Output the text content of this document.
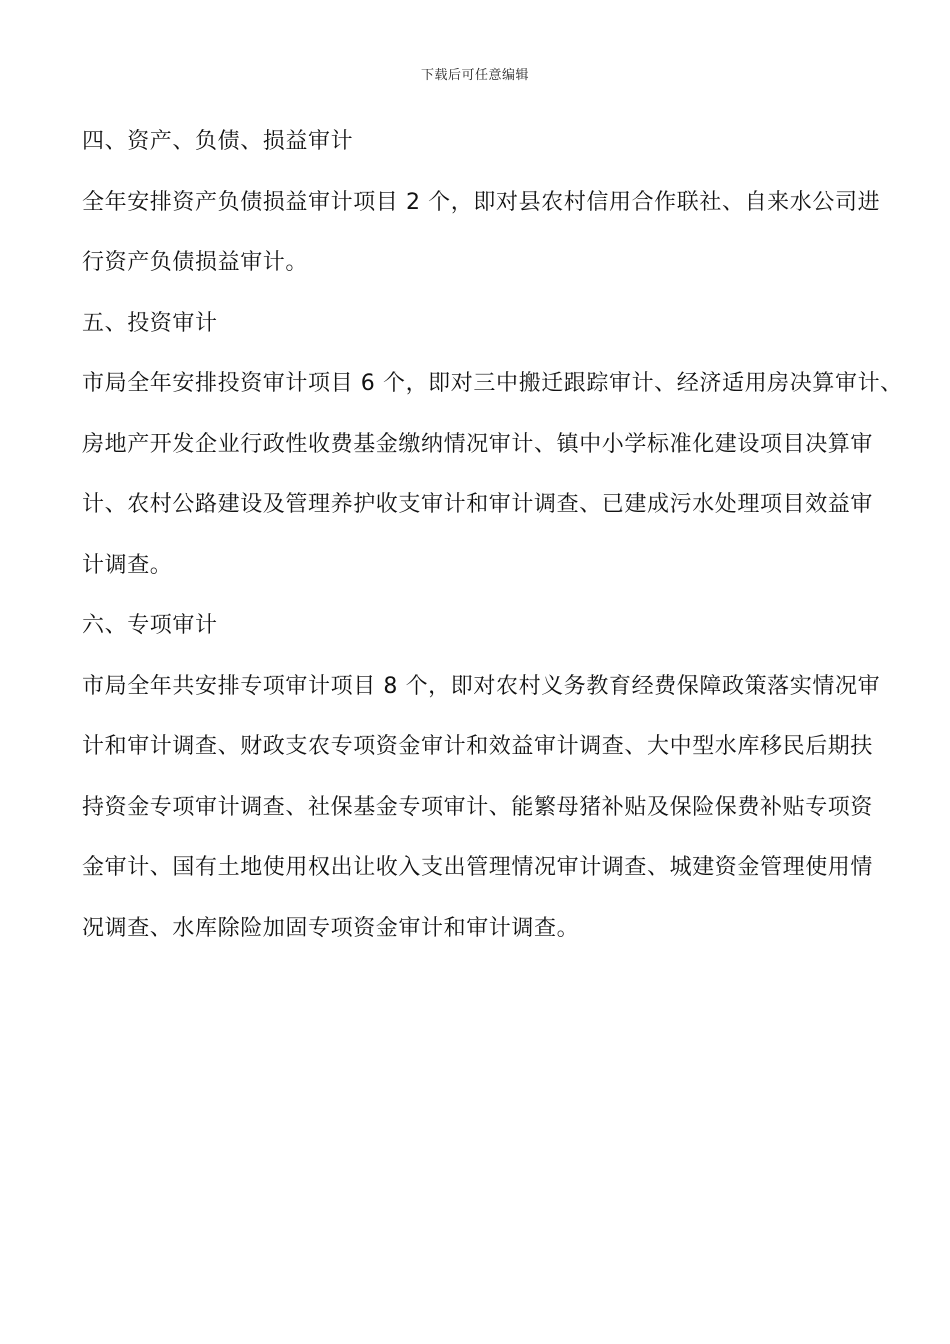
下载后可任意编辑
四、资产、负债、损益审计
全年安排资产负债损益审计项目 2 个，即对县农村信用合作联社、自来水公司进
行资产负债损益审计。
五、投资审计
市局全年安排投资审计项目 6 个，即对三中搬迁跟踪审计、经济适用房决算审计、
房地产开发企业行政性收费基金缴纳情况审计、镇中小学标准化建设项目决算审
计、农村公路建设及管理养护收支审计和审计调查、已建成污水处理项目效益审
计调查。
六、专项审计
市局全年共安排专项审计项目 8 个，即对农村义务教育经费保障政策落实情况审
计和审计调查、财政支农专项资金审计和效益审计调查、大中型水库移民后期扶
持资金专项审计调查、社保基金专项审计、能繁母猪补贴及保险保费补贴专项资
金审计、国有土地使用权出让收入支出管理情况审计调查、城建资金管理使用情
况调查、水库除险加固专项资金审计和审计调查。
